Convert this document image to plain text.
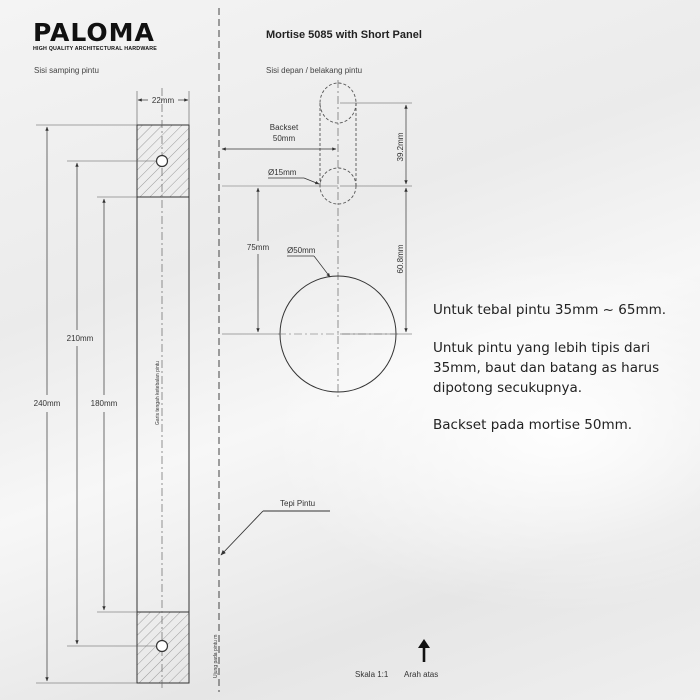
PALOMA
HIGH QUALITY ARCHITECTURAL HARDWARE
Mortise 5085 with Short Panel
Sisi samping pintu	Sisi depan / belakang pintu
22mm
240mm
210mm
180mm	Garis tengah ketebalan pintu
Ujung pada pintu m
Tepi Pintu
Backset
50mm
Ø15mm
75mm Ø50mm
39.2mm
60.8mm
Skala 1:1 Arah atas
Untuk tebal pintu 35mm ~ 65mm.
Untuk pintu yang lebih tipis dari 35mm, baut dan batang as harus dipotong secukupnya.
Backset pada mortise 50mm.
